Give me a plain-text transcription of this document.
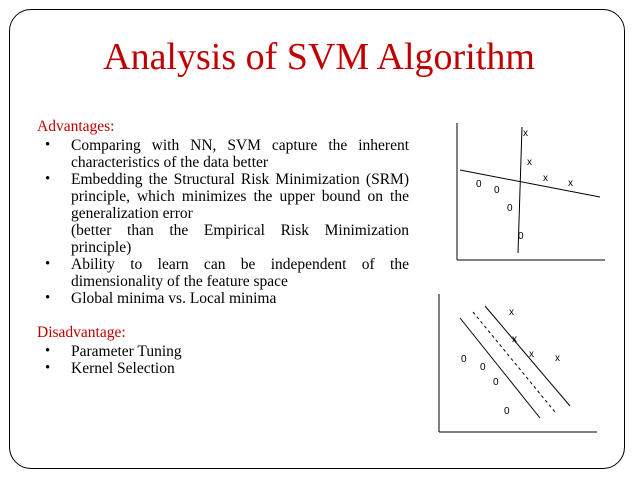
Analysis of SVM Algorithm

Advantages:

• Comparing with NN, SVM capture the inherent characteristics of the data better
• Embedding the Structural Risk Minimization (SRM) principle, which minimizes the upper bound on the generalization error
(better than the Empirical Risk Minimization principle)
• Ability to learn can be independent of the dimensionality of the feature space
• Global minima vs. Local minima

Disadvantage:

• Parameter Tuning
• Kernel Selection
x
x
x x
0
0
0
0
x
x
x x
0
0
0
0
